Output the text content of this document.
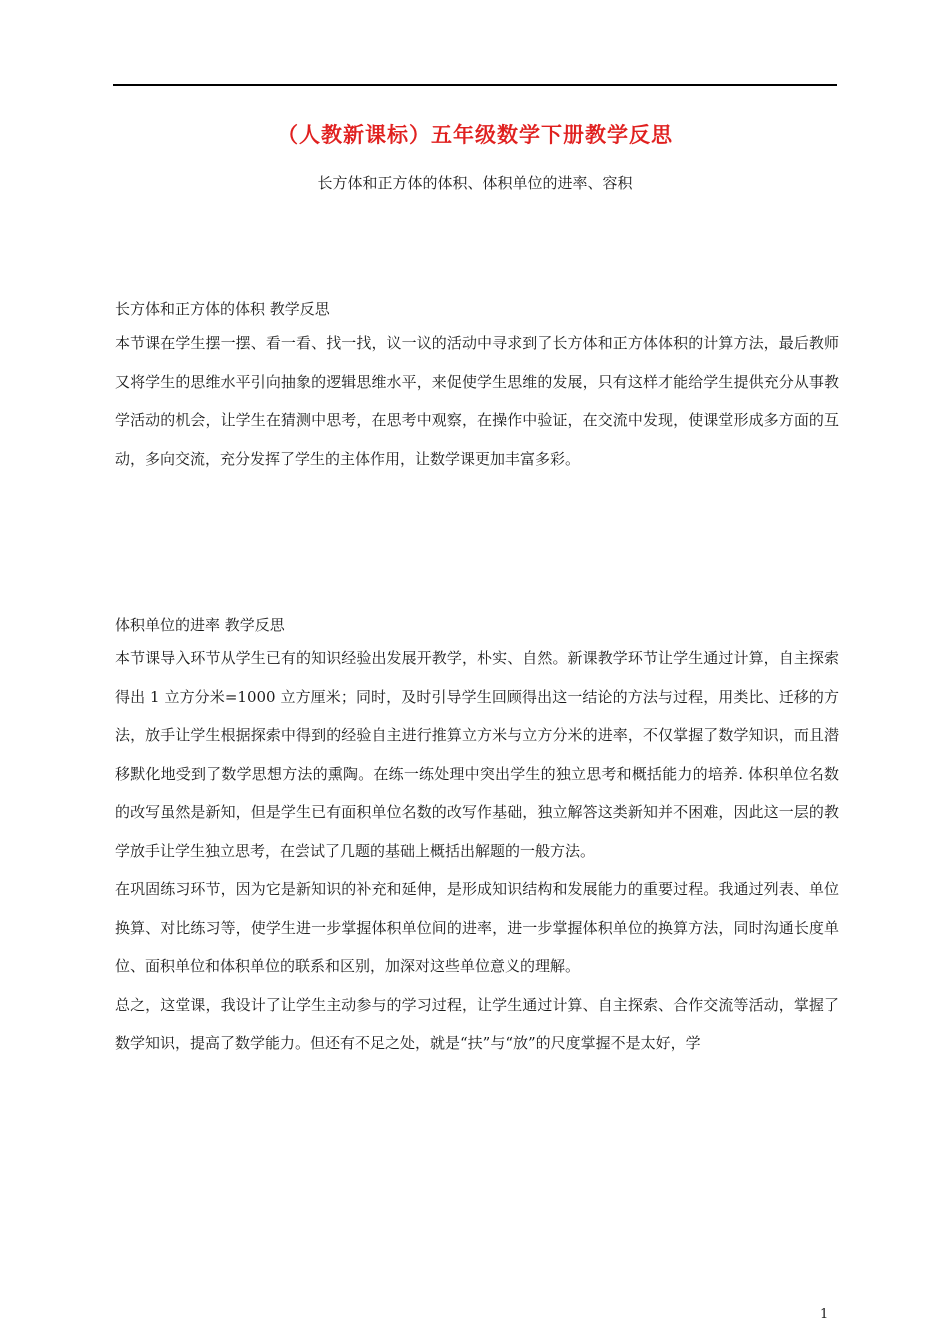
（人教新课标）五年级数学下册教学反思
长方体和正方体的体积、体积单位的进率、容积

长方体和正方体的体积 教学反思

本节课在学生摆一摆、看一看、找一找，议一议的活动中寻求到了长方体和正方体体积的计算方法，最后教师又将学生的思维水平引向抽象的逻辑思维水平，来促使学生思维的发展，只有这样才能给学生提供充分从事教学活动的机会，让学生在猜测中思考，在思考中观察，在操作中验证，在交流中发现，使课堂形成多方面的互动，多向交流，充分发挥了学生的主体作用，让数学课更加丰富多彩。

体积单位的进率 教学反思

本节课导入环节从学生已有的知识经验出发展开教学，朴实、自然。新课教学环节让学生通过计算，自主探索得出 1 立方分米=1000 立方厘米；同时，及时引导学生回顾得出这一结论的方法与过程，用类比、迁移的方法，放手让学生根据探索中得到的经验自主进行推算立方米与立方分米的进率，不仅掌握了数学知识，而且潜移默化地受到了数学思想方法的熏陶。在练一练处理中突出学生的独立思考和概括能力的培养. 体积单位名数的改写虽然是新知，但是学生已有面积单位名数的改写作基础，独立解答这类新知并不困难，因此这一层的教学放手让学生独立思考，在尝试了几题的基础上概括出解题的一般方法。

在巩固练习环节，因为它是新知识的补充和延伸，是形成知识结构和发展能力的重要过程。我通过列表、单位换算、对比练习等，使学生进一步掌握体积单位间的进率，进一步掌握体积单位的换算方法，同时沟通长度单位、面积单位和体积单位的联系和区别，加深对这些单位意义的理解。

总之，这堂课，我设计了让学生主动参与的学习过程，让学生通过计算、自主探索、合作交流等活动，掌握了数学知识，提高了数学能力。但还有不足之处，就是“扶”与“放”的尺度掌握不是太好，学

1
